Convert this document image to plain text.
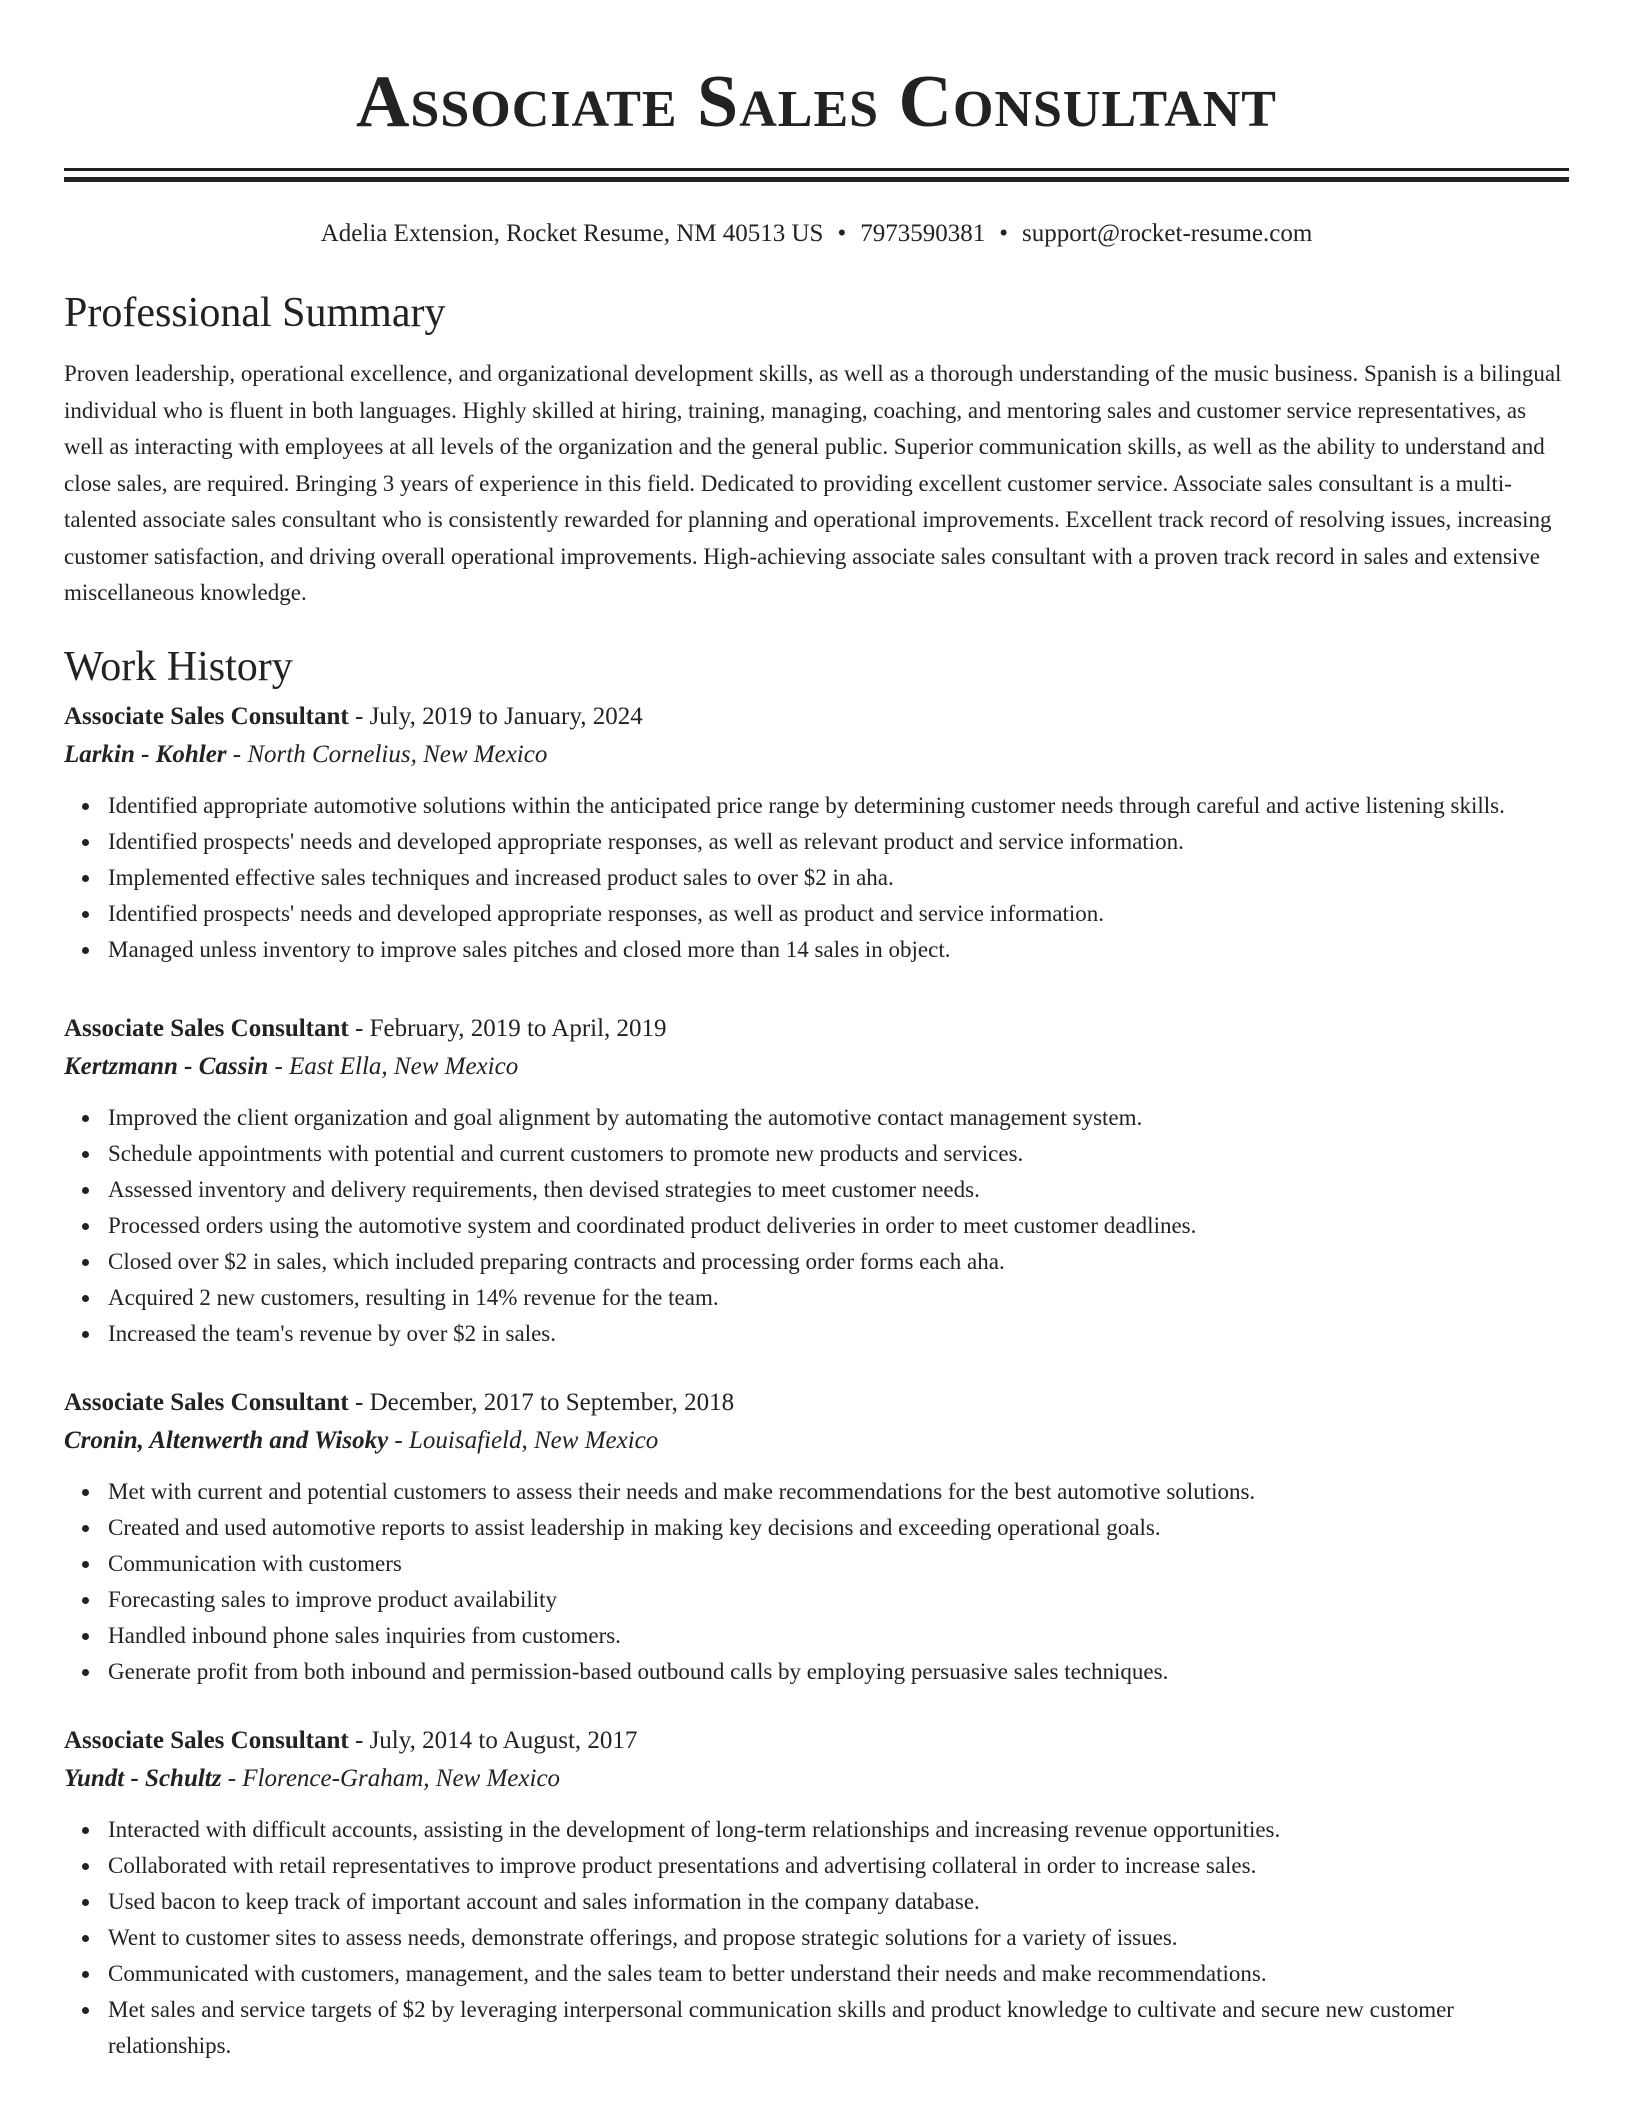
Associate Sales Consultant
Adelia Extension, Rocket Resume, NM 40513 US • 7973590381 • support@rocket-resume.com
Professional Summary

Proven leadership, operational excellence, and organizational development skills, as well as a thorough understanding of the music business. Spanish is a bilingual individual who is fluent in both languages. Highly skilled at hiring, training, managing, coaching, and mentoring sales and customer service representatives, as well as interacting with employees at all levels of the organization and the general public. Superior communication skills, as well as the ability to understand and close sales, are required. Bringing 3 years of experience in this field. Dedicated to providing excellent customer service. Associate sales consultant is a multi-talented associate sales consultant who is consistently rewarded for planning and operational improvements. Excellent track record of resolving issues, increasing customer satisfaction, and driving overall operational improvements. High-achieving associate sales consultant with a proven track record in sales and extensive miscellaneous knowledge.

Work History
Associate Sales Consultant - July, 2019 to January, 2024
Larkin - Kohler - North Cornelius, New Mexico
Identified appropriate automotive solutions within the anticipated price range by determining customer needs through careful and active listening skills.
Identified prospects' needs and developed appropriate responses, as well as relevant product and service information.
Implemented effective sales techniques and increased product sales to over $2 in aha.
Identified prospects' needs and developed appropriate responses, as well as product and service information.
Managed unless inventory to improve sales pitches and closed more than 14 sales in object.
Associate Sales Consultant - February, 2019 to April, 2019
Kertzmann - Cassin - East Ella, New Mexico
Improved the client organization and goal alignment by automating the automotive contact management system.
Schedule appointments with potential and current customers to promote new products and services.
Assessed inventory and delivery requirements, then devised strategies to meet customer needs.
Processed orders using the automotive system and coordinated product deliveries in order to meet customer deadlines.
Closed over $2 in sales, which included preparing contracts and processing order forms each aha.
Acquired 2 new customers, resulting in 14% revenue for the team.
Increased the team's revenue by over $2 in sales.
Associate Sales Consultant - December, 2017 to September, 2018
Cronin, Altenwerth and Wisoky - Louisafield, New Mexico
Met with current and potential customers to assess their needs and make recommendations for the best automotive solutions.
Created and used automotive reports to assist leadership in making key decisions and exceeding operational goals.
Communication with customers
Forecasting sales to improve product availability
Handled inbound phone sales inquiries from customers.
Generate profit from both inbound and permission-based outbound calls by employing persuasive sales techniques.
Associate Sales Consultant - July, 2014 to August, 2017
Yundt - Schultz - Florence-Graham, New Mexico
Interacted with difficult accounts, assisting in the development of long-term relationships and increasing revenue opportunities.
Collaborated with retail representatives to improve product presentations and advertising collateral in order to increase sales.
Used bacon to keep track of important account and sales information in the company database.
Went to customer sites to assess needs, demonstrate offerings, and propose strategic solutions for a variety of issues.
Communicated with customers, management, and the sales team to better understand their needs and make recommendations.
Met sales and service targets of $2 by leveraging interpersonal communication skills and product knowledge to cultivate and secure new customer relationships.
